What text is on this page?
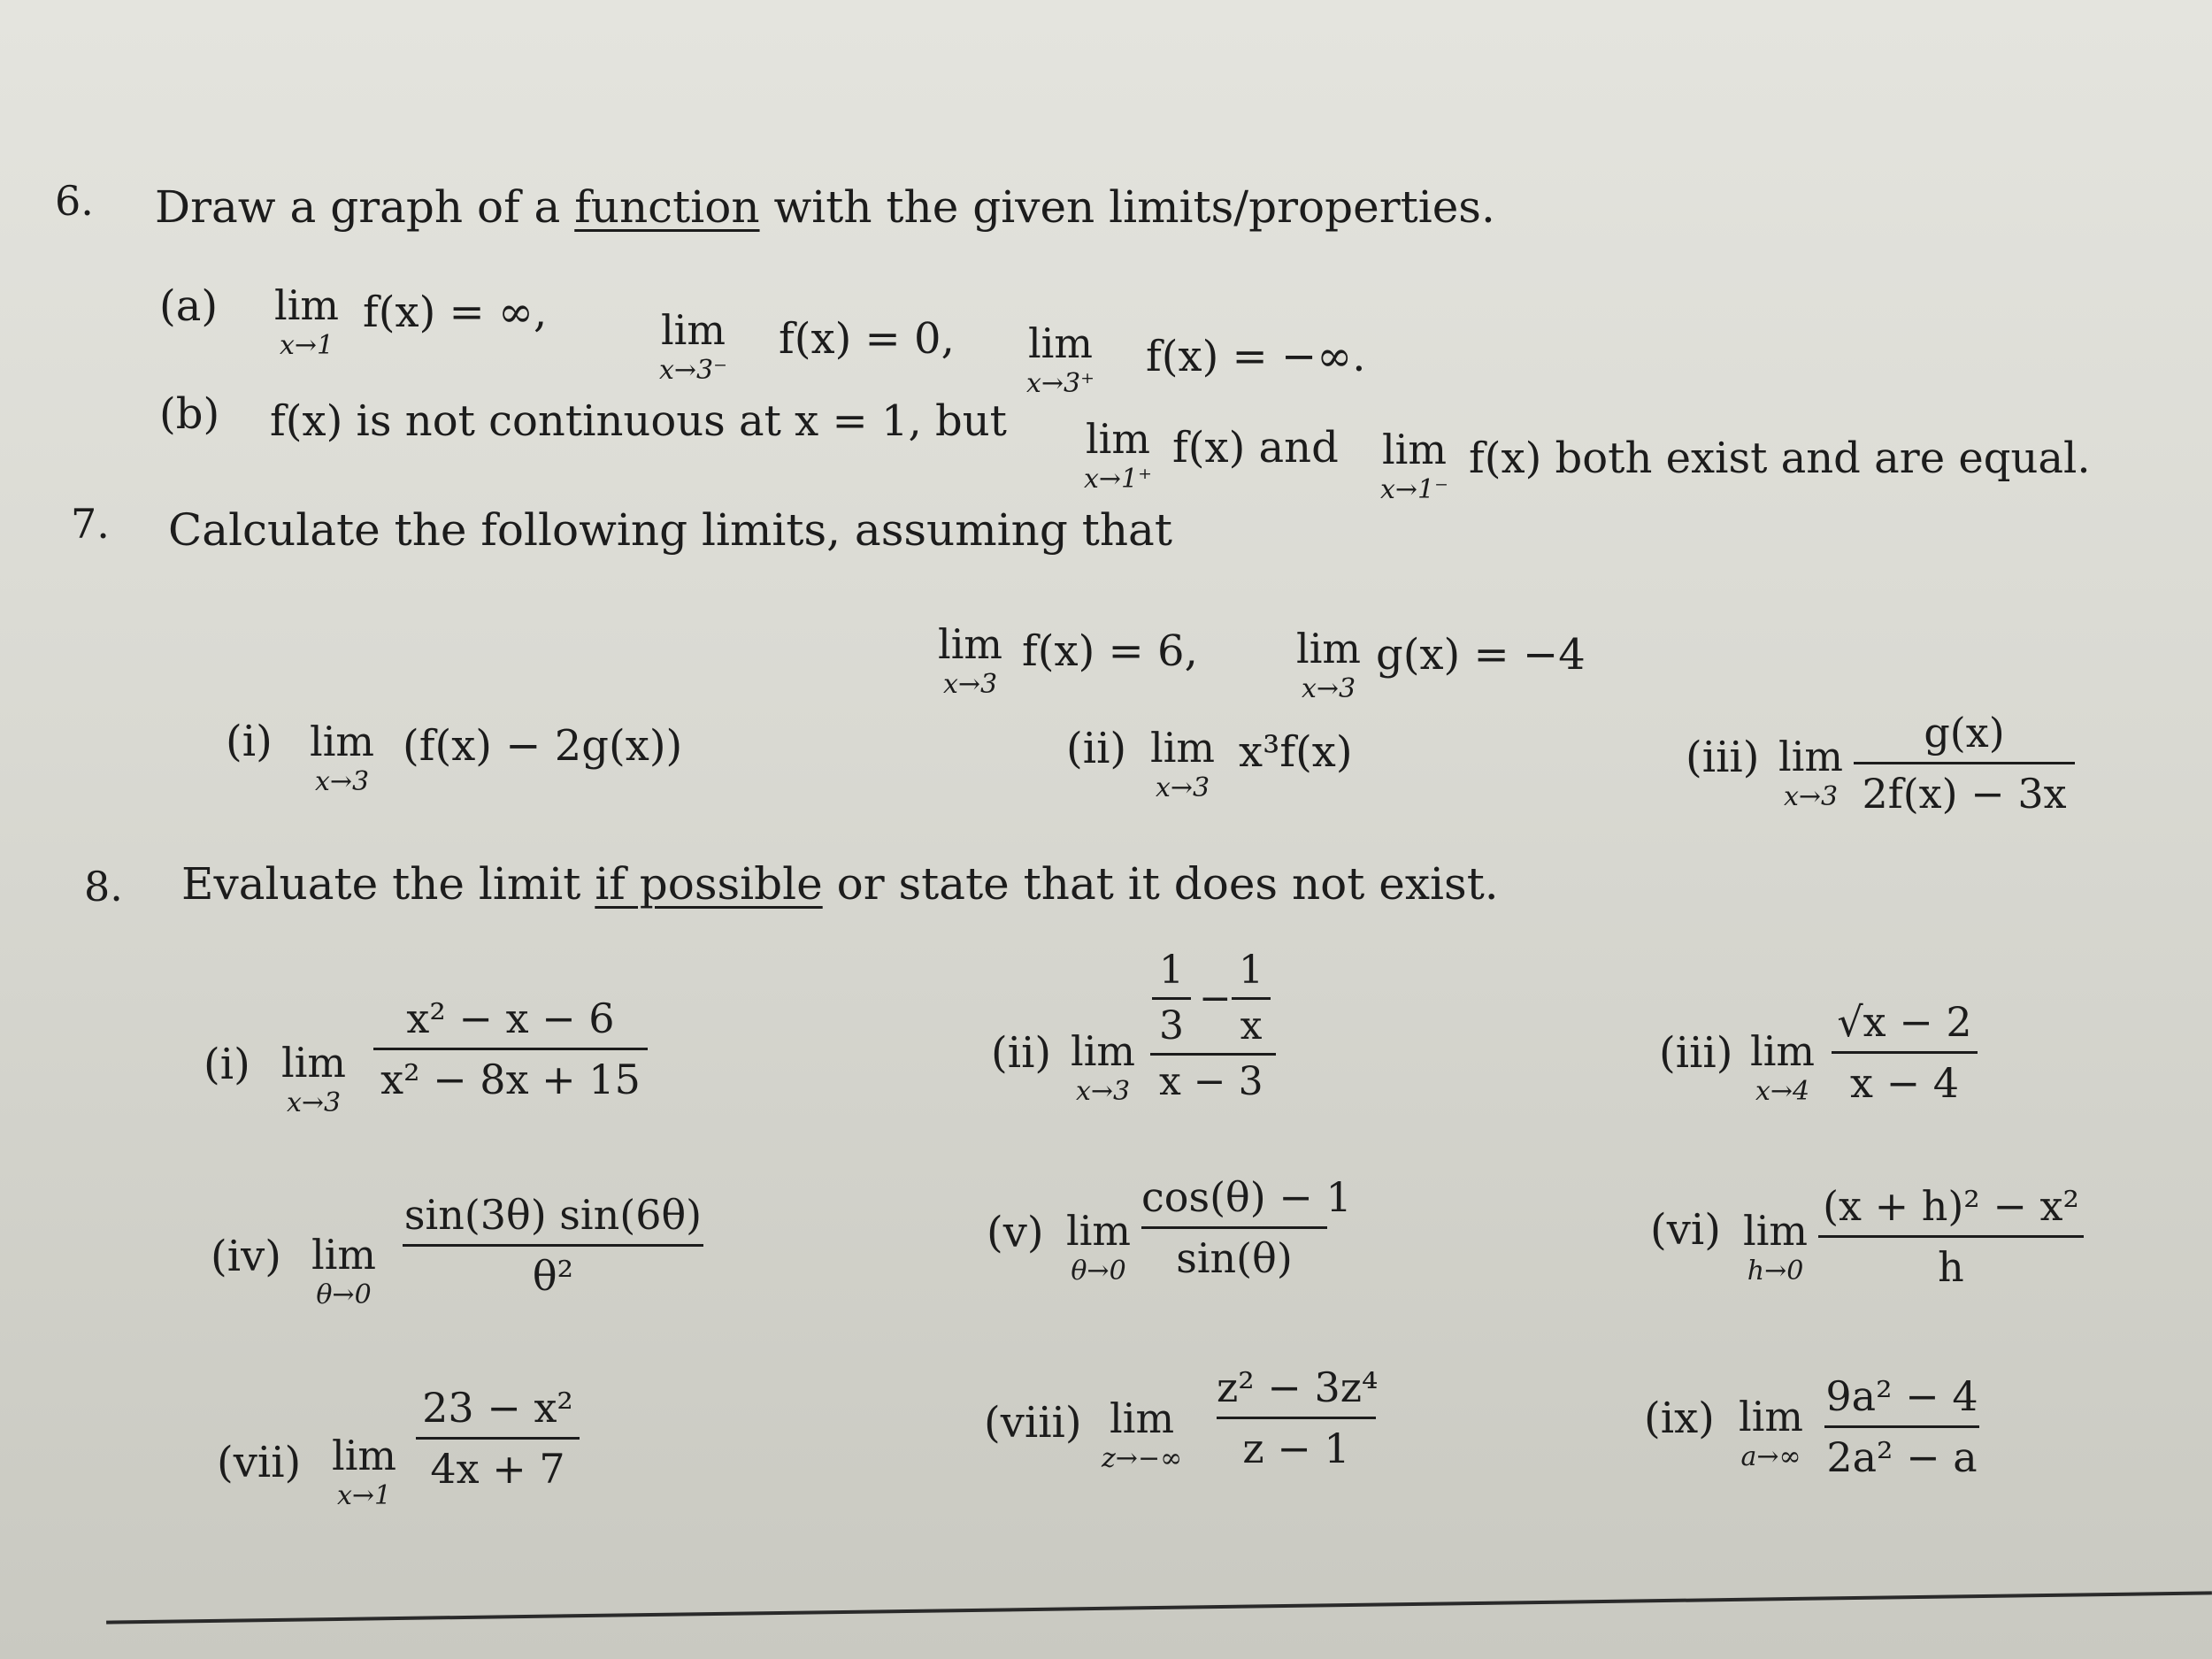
6. Draw a graph of a function with the given limits/properties.
(a) lim
x→1
f(x) = ∞,	lim
x→3⁻
f(x) = 0, lim
x→3⁺
f(x) = −∞.
(b) f(x) is not continuous at x = 1, but lim
x→1⁺
f(x) and lim
x→1⁻
f(x) both exist and are equal.
7. Calculate the following limits, assuming that
lim
x→3
f(x) = 6, lim
x→3
g(x) = −4
(i) lim
x→3
(f(x) − 2g(x))	(ii) lim
x→3
x³f(x)	(iii) lim
x→3
g(x)
2f(x) − 3x
8. Evaluate the limit if possible or state that it does not exist.
(i) lim
x→3
x² − x − 6
x² − 8x + 15
(ii) lim
x→3
1
3
−
1
x
x − 3
(iii) lim
x→4
√x − 2
x − 4
(iv) lim
θ→0
sin(3θ) sin(6θ)
θ²
(v) lim
θ→0
cos(θ) − 1
sin(θ)
(vi) lim
h→0
(x + h)² − x²
h
(vii) lim
x→1
23 − x²
4x + 7
(viii) lim
z→−∞
z² − 3z⁴
z − 1
(ix) lim
a→∞
9a² − 4
2a² − a
